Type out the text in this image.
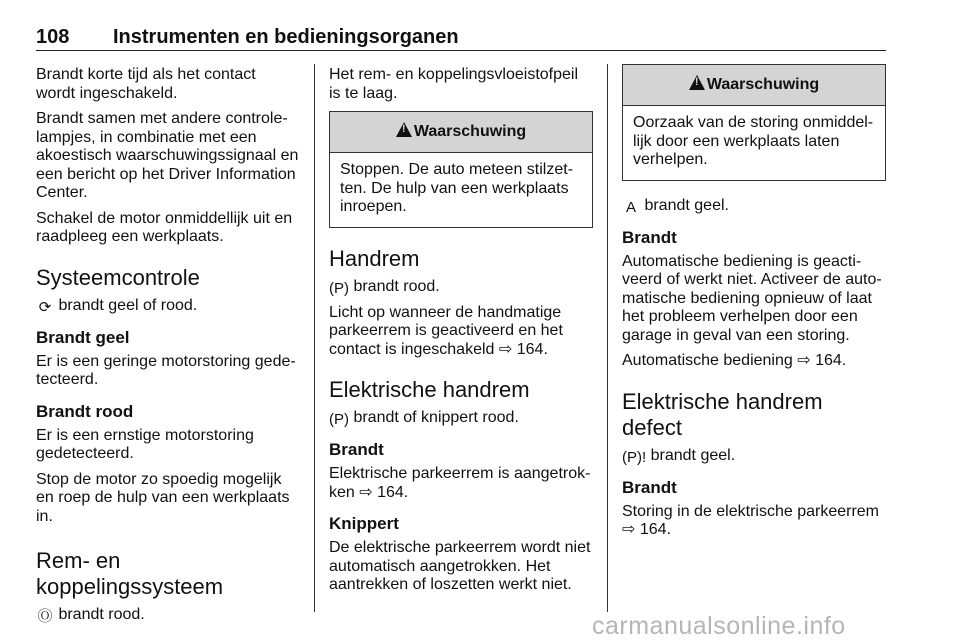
108 Instrumenten en bedieningsorganen

Brandt korte tijd als het contact wordt ingeschakeld.

Brandt samen met andere controlelampjes, in combinatie met een akoestisch waarschuwingssignaal en een bericht op het Driver Information Center.

Schakel de motor onmiddellijk uit en raadpleeg een werkplaats.

Systeemcontrole

⟳ brandt geel of rood.

Brandt geel

Er is een geringe motorstoring gedetecteerd.

Brandt rood

Er is een ernstige motorstoring gedetecteerd.

Stop de motor zo spoedig mogelijk en roep de hulp van een werkplaats in.

Rem- en koppelingssysteem

Ⓞ brandt rood.

Het rem- en koppelingsvloeistofpeil is te laag.

!Waarschuwing
Stoppen. De auto meteen stilzetten. De hulp van een werkplaats inroepen.
Handrem

(P) brandt rood.

Licht op wanneer de handmatige parkeerrem is geactiveerd en het contact is ingeschakeld ⇨ 164.

Elektrische handrem

(P) brandt of knippert rood.

Brandt

Elektrische parkeerrem is aangetrokken ⇨ 164.

Knippert

De elektrische parkeerrem wordt niet automatisch aangetrokken. Het aantrekken of loszetten werkt niet.

!Waarschuwing
Oorzaak van de storing onmiddellijk door een werkplaats laten verhelpen.

A brandt geel.

Brandt

Automatische bediening is geactiveerd of werkt niet. Activeer de automatische bediening opnieuw of laat het probleem verhelpen door een garage in geval van een storing.

Automatische bediening ⇨ 164.

Elektrische handrem defect

(P)! brandt geel.

Brandt

Storing in de elektrische parkeerrem ⇨ 164.

carmanualsonline.info
